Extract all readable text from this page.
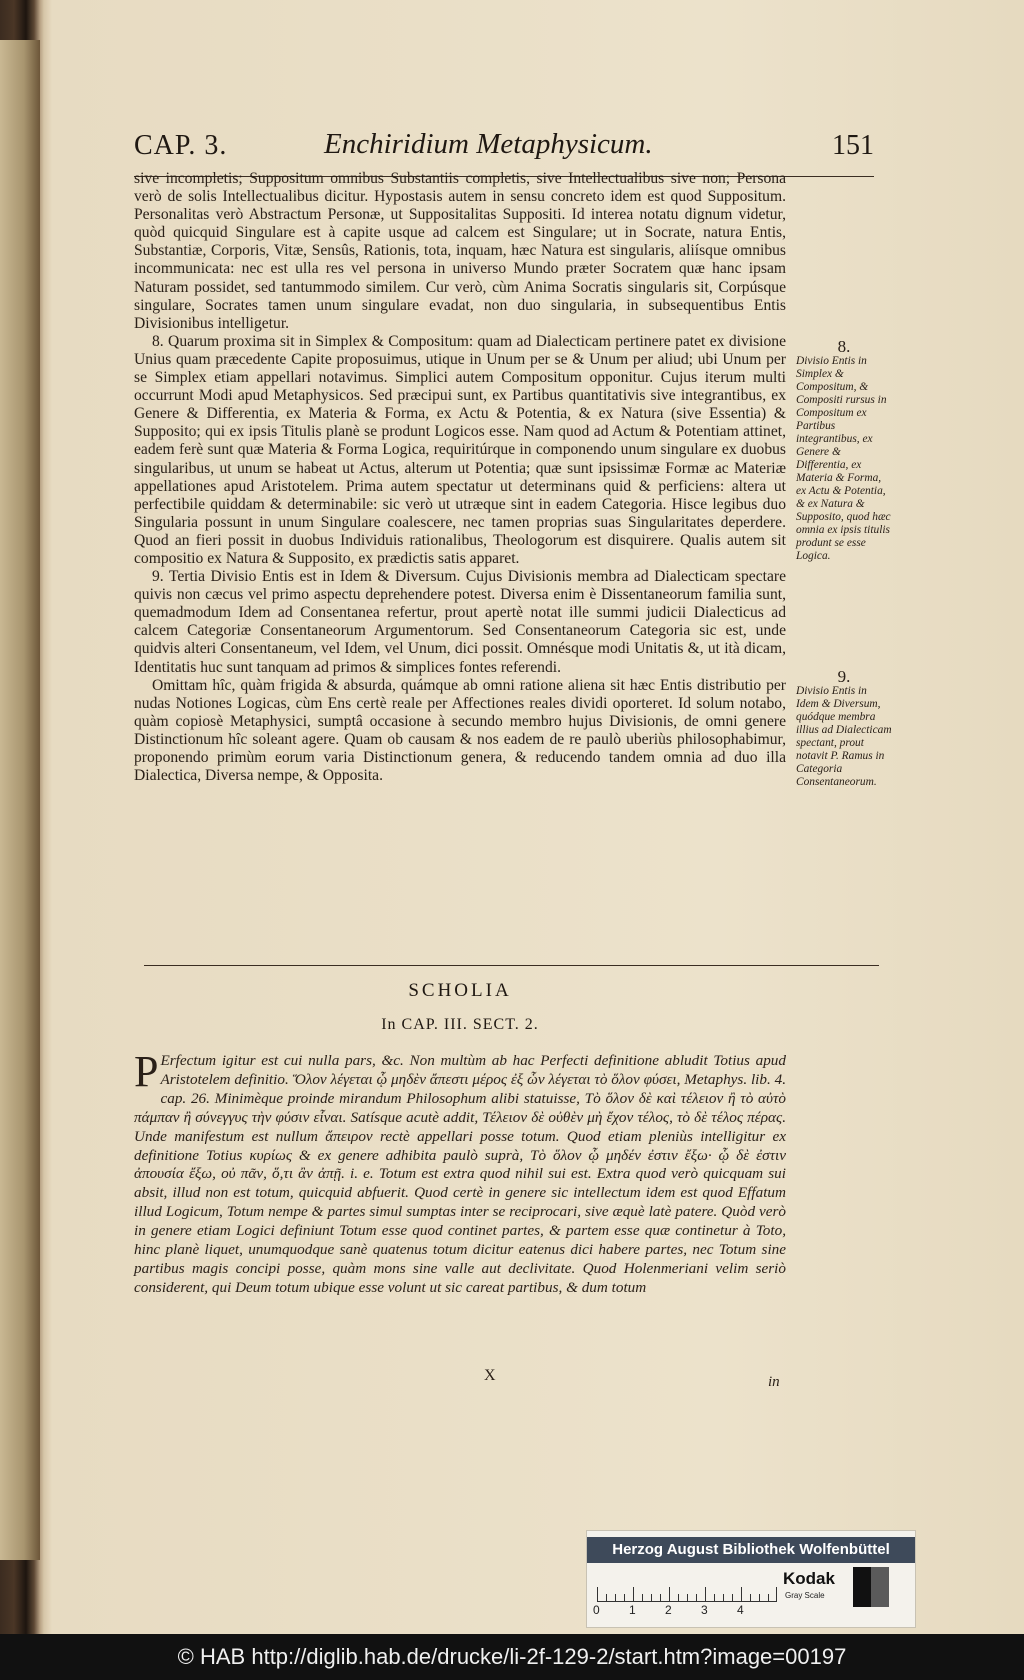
CAP. 3.	Enchiridium Metaphysicum.	151

sive incompletis; Suppositum omnibus Substantiis completis, sive Intellectualibus sive non; Persona verò de solis Intellectualibus dicitur. Hypostasis autem in sensu concreto idem est quod Suppositum. Personalitas verò Abstractum Personæ, ut Suppositalitas Suppositi. Id interea notatu dignum videtur, quòd quicquid Singulare est à capite usque ad calcem est Singulare; ut in Socrate, natura Entis, Substantiæ, Corporis, Vitæ, Sensûs, Rationis, tota, inquam, hæc Natura est singularis, aliísque omnibus incommunicata: nec est ulla res vel persona in universo Mundo præter Socratem quæ hanc ipsam Naturam possidet, sed tantummodo similem. Cur verò, cùm Anima Socratis singularis sit, Corpúsque singulare, Socrates tamen unum singulare evadat, non duo singularia, in subsequentibus Entis Divisionibus intelligetur.

8. Quarum proxima sit in Simplex & Compositum: quam ad Dialecticam pertinere patet ex divisione Unius quam præcedente Capite proposuimus, utique in Unum per se & Unum per aliud; ubi Unum per se Simplex etiam appellari notavimus. Simplici autem Compositum opponitur. Cujus iterum multi occurrunt Modi apud Metaphysicos. Sed præcipui sunt, ex Partibus quantitativis sive integrantibus, ex Genere & Differentia, ex Materia & Forma, ex Actu & Potentia, & ex Natura (sive Essentia) & Supposito; qui ex ipsis Titulis planè se produnt Logicos esse. Nam quod ad Actum & Potentiam attinet, eadem ferè sunt quæ Materia & Forma Logica, requiritúrque in componendo unum singulare ex duobus singularibus, ut unum se habeat ut Actus, alterum ut Potentia; quæ sunt ipsissimæ Formæ ac Materiæ appellationes apud Aristotelem. Prima autem spectatur ut determinans quid & perficiens: altera ut perfectibile quiddam & determinabile: sic verò ut utræque sint in eadem Categoria. Hisce legibus duo Singularia possunt in unum Singulare coalescere, nec tamen proprias suas Singularitates deperdere. Quod an fieri possit in duobus Individuis rationalibus, Theologorum est disquirere. Qualis autem sit compositio ex Natura & Supposito, ex prædictis satis apparet.

9. Tertia Divisio Entis est in Idem & Diversum. Cujus Divisionis membra ad Dialecticam spectare quivis non cæcus vel primo aspectu deprehendere potest. Diversa enim è Dissentaneorum familia sunt, quemadmodum Idem ad Consentanea refertur, prout apertè notat ille summi judicii Dialecticus ad calcem Categoriæ Consentaneorum Argumentorum. Sed Consentaneorum Categoria sic est, unde quidvis alteri Consentaneum, vel Idem, vel Unum, dici possit. Omnésque modi Unitatis &, ut ità dicam, Identitatis huc sunt tanquam ad primos & simplices fontes referendi.

Omittam hîc, quàm frigida & absurda, quámque ab omni ratione aliena sit hæc Entis distributio per nudas Notiones Logicas, cùm Ens certè reale per Affectiones reales dividi oporteret. Id solum notabo, quàm copiosè Metaphysici, sumptâ occasione à secundo membro hujus Divisionis, de omni genere Distinctionum hîc soleant agere. Quam ob causam & nos eadem de re paulò uberiùs philosophabimur, proponendo primùm eorum varia Distinctionum genera, & reducendo tandem omnia ad duo illa Dialectica, Diversa nempe, & Opposita.

8.
Divisio Entis in Simplex & Compositum, & Compositi rursus in Compositum ex Partibus integrantibus, ex Genere & Differentia, ex Materia & Forma, ex Actu & Potentia, & ex Natura & Supposito, quod hæc omnia ex ipsis titulis produnt se esse Logica.
9.
Divisio Entis in Idem & Diversum, quódque membra illius ad Dialecticam spectant, prout notavit P. Ramus in Categoria Consentaneorum.
SCHOLIA
In CAP. III. SECT. 2.
P Erfectum igitur est cui nulla pars, &c. Non multùm ab hac Perfecti definitione abludit Totius apud Aristotelem definitio. Ὅλον λέγεται ᾧ μηδὲν ἄπεστι μέρος ἐξ ὧν λέγεται τὸ ὅλον φύσει, Metaphys. lib. 4. cap. 26. Minimèque proinde mirandum Philosophum alibi statuisse, Τὸ ὅλον δὲ καὶ τέλειον ἢ τὸ αὐτὸ πάμπαν ἢ σύνεγγυς τὴν φύσιν εἶναι. Satísque acutè addit, Τέλειον δὲ οὐθὲν μὴ ἔχον τέλος, τὸ δὲ τέλος πέρας. Unde manifestum est nullum ἄπειρον rectè appellari posse totum. Quod etiam pleniùs intelligitur ex definitione Totius κυρίως & ex genere adhibita paulò suprà, Τὸ ὅλον ᾧ μηδέν ἐστιν ἔξω· ᾧ δὲ ἐστιν ἀπουσία ἔξω, οὐ πᾶν, ὅ,τι ἂν ἀπῇ. i. e. Totum est extra quod nihil sui est. Extra quod verò quicquam sui absit, illud non est totum, quicquid abfuerit. Quod certè in genere sic intellectum idem est quod Effatum illud Logicum, Totum nempe & partes simul sumptas inter se reciprocari, sive æquè latè patere. Quòd verò in genere etiam Logici definiunt Totum esse quod continet partes, & partem esse quæ continetur à Toto, hinc planè liquet, unumquodque sanè quatenus totum dicitur eatenus dici habere partes, nec Totum sine partibus magis concipi posse, quàm mons sine valle aut declivitate. Quod Holenmeriani velim seriò considerent, qui Deum totum ubique esse volunt ut sic careat partibus, & dum totum
X	in
Herzog August Bibliothek Wolfenbüttel
0 1 2 3 4
Kodak
Gray Scale
© HAB http://diglib.hab.de/drucke/li-2f-129-2/start.htm?image=00197
